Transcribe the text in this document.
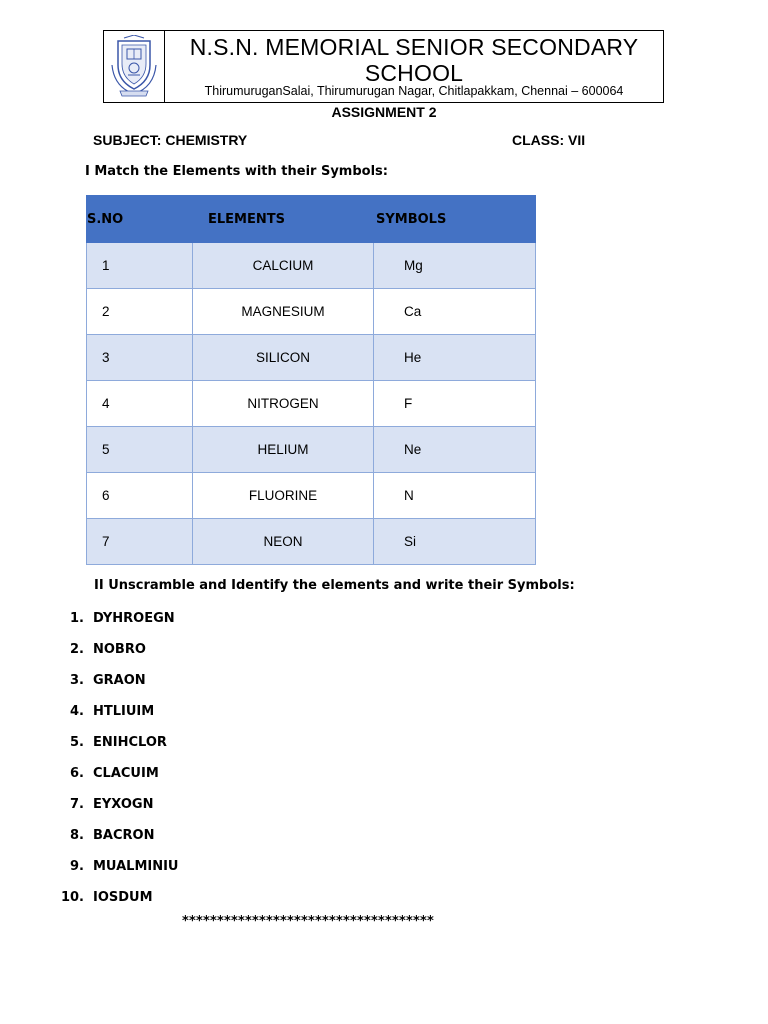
N.S.N. MEMORIAL SENIOR SECONDARY SCHOOL
ThirumuruganSalai, Thirumurugan Nagar, Chitlapakkam, Chennai – 600064
ASSIGNMENT 2
SUBJECT: CHEMISTRY	CLASS: VII
I Match the Elements with their Symbols:
S.NO	ELEMENTS	SYMBOLS
1	CALCIUM	Mg
2	MAGNESIUM	Ca
3	SILICON	He
4	NITROGEN	F
5	HELIUM	Ne
6	FLUORINE	N
7	NEON	Si
II Unscramble and Identify the elements and write their Symbols:
1. DYHROEGN
2. NOBRO
3. GRAON
4. HTLIUIM
5. ENIHCLOR
6. CLACUIM
7. EYXOGN
8. BACRON
9. MUALMINIU
10. IOSDUM
************************************
